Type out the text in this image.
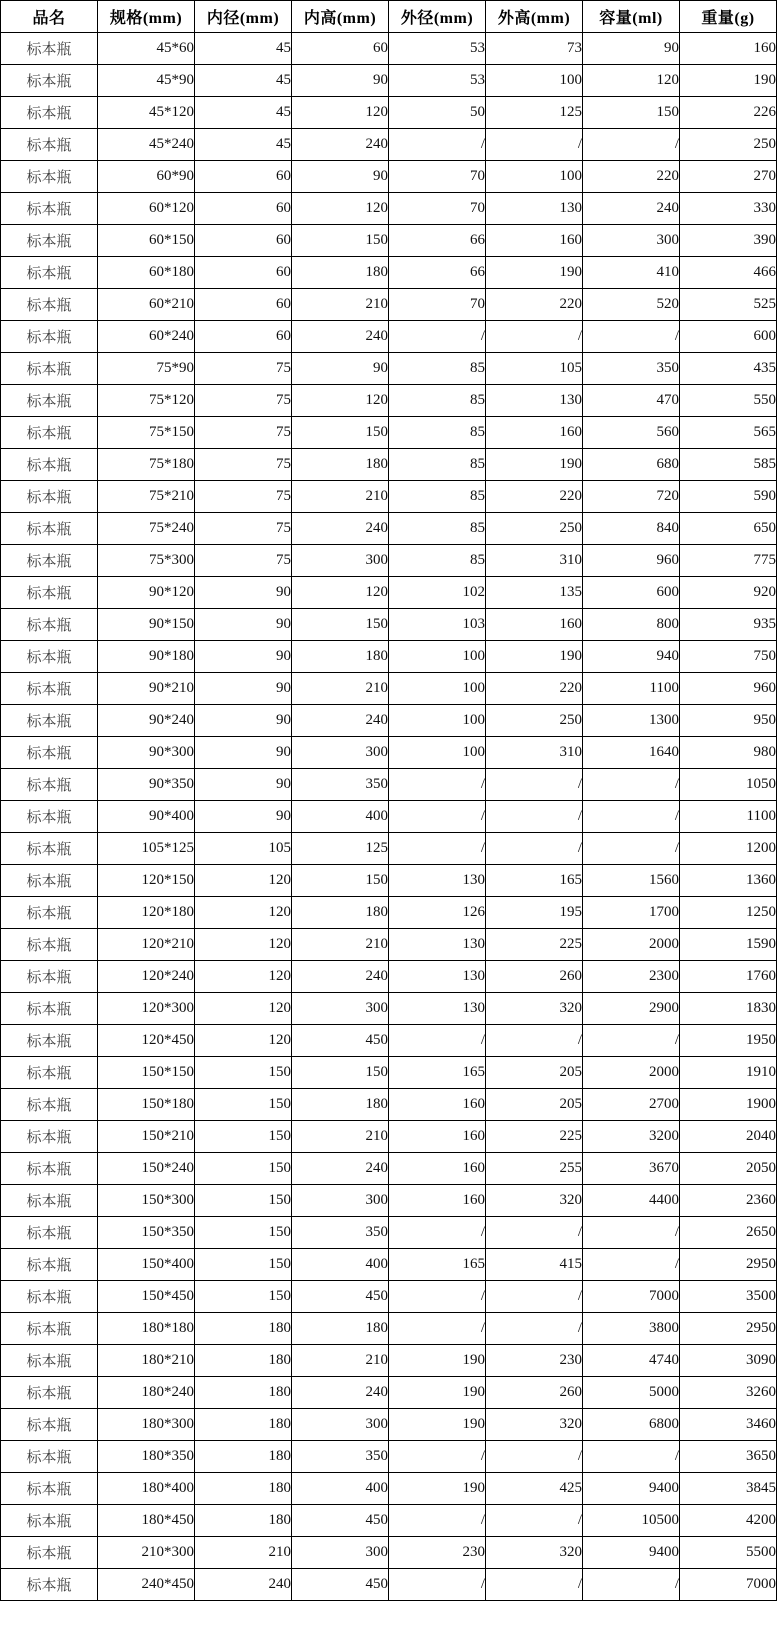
品名	规格(mm)	内径(mm)	内高(mm)	外径(mm)	外高(mm)	容量(ml)	重量(g)
标本瓶	45*60	45	60	53	73	90	160
标本瓶	45*90	45	90	53	100	120	190
标本瓶	45*120	45	120	50	125	150	226
标本瓶	45*240	45	240	/	/	/	250
标本瓶	60*90	60	90	70	100	220	270
标本瓶	60*120	60	120	70	130	240	330
标本瓶	60*150	60	150	66	160	300	390
标本瓶	60*180	60	180	66	190	410	466
标本瓶	60*210	60	210	70	220	520	525
标本瓶	60*240	60	240	/	/	/	600
标本瓶	75*90	75	90	85	105	350	435
标本瓶	75*120	75	120	85	130	470	550
标本瓶	75*150	75	150	85	160	560	565
标本瓶	75*180	75	180	85	190	680	585
标本瓶	75*210	75	210	85	220	720	590
标本瓶	75*240	75	240	85	250	840	650
标本瓶	75*300	75	300	85	310	960	775
标本瓶	90*120	90	120	102	135	600	920
标本瓶	90*150	90	150	103	160	800	935
标本瓶	90*180	90	180	100	190	940	750
标本瓶	90*210	90	210	100	220	1100	960
标本瓶	90*240	90	240	100	250	1300	950
标本瓶	90*300	90	300	100	310	1640	980
标本瓶	90*350	90	350	/	/	/	1050
标本瓶	90*400	90	400	/	/	/	1100
标本瓶	105*125	105	125	/	/	/	1200
标本瓶	120*150	120	150	130	165	1560	1360
标本瓶	120*180	120	180	126	195	1700	1250
标本瓶	120*210	120	210	130	225	2000	1590
标本瓶	120*240	120	240	130	260	2300	1760
标本瓶	120*300	120	300	130	320	2900	1830
标本瓶	120*450	120	450	/	/	/	1950
标本瓶	150*150	150	150	165	205	2000	1910
标本瓶	150*180	150	180	160	205	2700	1900
标本瓶	150*210	150	210	160	225	3200	2040
标本瓶	150*240	150	240	160	255	3670	2050
标本瓶	150*300	150	300	160	320	4400	2360
标本瓶	150*350	150	350	/	/	/	2650
标本瓶	150*400	150	400	165	415	/	2950
标本瓶	150*450	150	450	/	/	7000	3500
标本瓶	180*180	180	180	/	/	3800	2950
标本瓶	180*210	180	210	190	230	4740	3090
标本瓶	180*240	180	240	190	260	5000	3260
标本瓶	180*300	180	300	190	320	6800	3460
标本瓶	180*350	180	350	/	/	/	3650
标本瓶	180*400	180	400	190	425	9400	3845
标本瓶	180*450	180	450	/	/	10500	4200
标本瓶	210*300	210	300	230	320	9400	5500
标本瓶	240*450	240	450	/	/	/	7000
